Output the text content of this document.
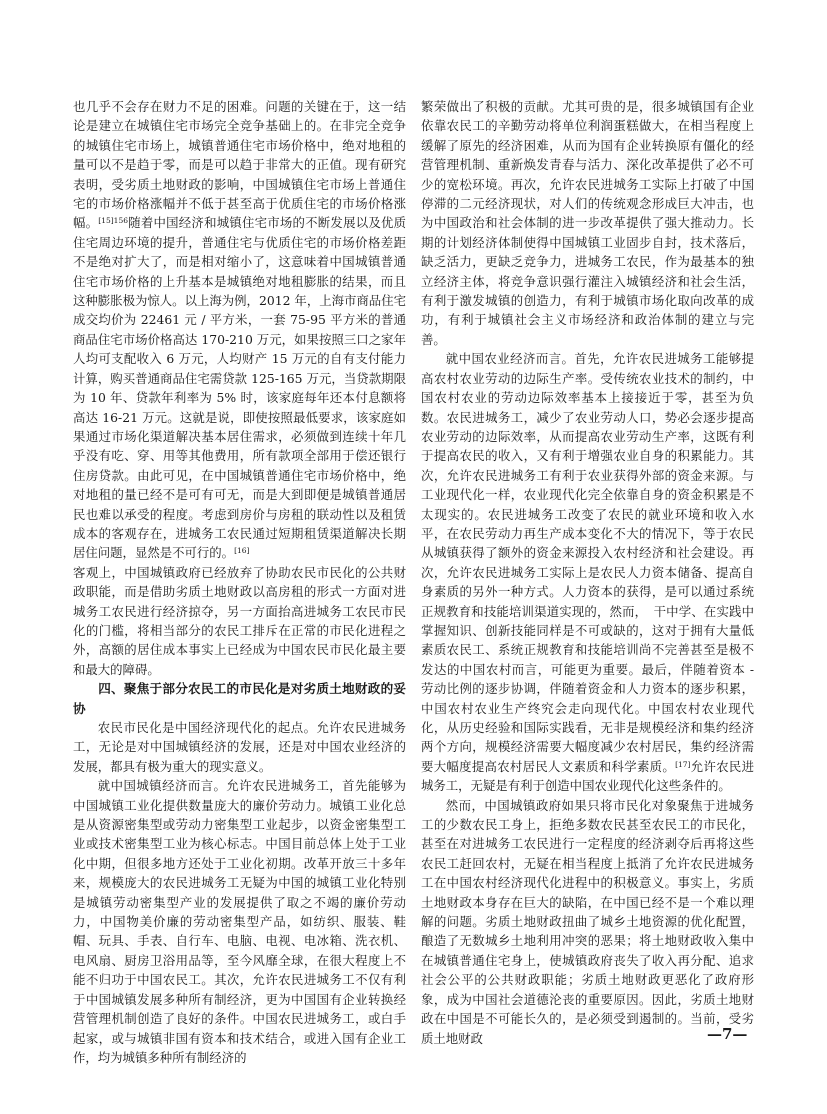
也几乎不会存在财力不足的困难。问题的关键在于，这一结论是建立在城镇住宅市场完全竞争基础上的。在非完全竞争的城镇住宅市场上，城镇普通住宅市场价格中，绝对地租的量可以不是趋于零，而是可以趋于非常大的正值。现有研究表明，受劣质土地财政的影响，中国城镇住宅市场上普通住宅的市场价格涨幅并不低于甚至高于优质住宅的市场价格涨幅。$^{[15]156}$随着中国经济和城镇住宅市场的不断发展以及优质住宅周边环境的提升，普通住宅与优质住宅的市场价格差距不是绝对扩大了，而是相对缩小了，这意味着中国城镇普通住宅市场价格的上升基本是城镇绝对地租膨胀的结果，而且这种膨胀极为惊人。以上海为例，2012 年，上海市商品住宅成交均价为 22461 元 / 平方米，一套 75-95 平方米的普通商品住宅市场价格高达 170-210 万元，如果按照三口之家年人均可支配收入 6 万元，人均财产 15 万元的自有支付能力计算，购买普通商品住宅需贷款 125-165 万元，当贷款期限为 10 年、贷款年利率为 5% 时，该家庭每年还本付息额将高达 16-21 万元。这就是说，即使按照最低要求，该家庭如果通过市场化渠道解决基本居住需求，必须做到连续十年几乎没有吃、穿、用等其他费用，所有款项全部用于偿还银行住房贷款。由此可见，在中国城镇普通住宅市场价格中，绝对地租的量已经不是可有可无，而是大到即便是城镇普通居民也难以承受的程度。考虑到房价与房租的联动性以及租赁成本的客观存在，进城务工农民通过短期租赁渠道解决长期居住问题，显然是不可行的。[16]

客观上，中国城镇政府已经放弃了协助农民市民化的公共财政职能，而是借助劣质土地财政以高房租的形式一方面对进城务工农民进行经济掠夺，另一方面抬高进城务工农民市民化的门槛，将相当部分的农民工排斥在正常的市民化进程之外，高额的居住成本事实上已经成为中国农民市民化最主要和最大的障碍。

四、聚焦于部分农民工的市民化是对劣质土地财政的妥协

农民市民化是中国经济现代化的起点。允许农民进城务工，无论是对中国城镇经济的发展，还是对中国农业经济的发展，都具有极为重大的现实意义。

就中国城镇经济而言。允许农民进城务工，首先能够为中国城镇工业化提供数量庞大的廉价劳动力。城镇工业化总是从资源密集型或劳动力密集型工业起步，以资金密集型工业或技术密集型工业为核心标志。中国目前总体上处于工业化中期，但很多地方还处于工业化初期。改革开放三十多年来，规模庞大的农民进城务工无疑为中国的城镇工业化特别是城镇劳动密集型产业的发展提供了取之不竭的廉价劳动力，中国物美价廉的劳动密集型产品，如纺织、服装、鞋帽、玩具、手表、自行车、电脑、电视、电冰箱、洗衣机、电风扇、厨房卫浴用品等，至今风靡全球，在很大程度上不能不归功于中国农民工。其次，允许农民进城务工不仅有利于中国城镇发展多种所有制经济，更为中国国有企业转换经营管理机制创造了良好的条件。中国农民进城务工，或白手起家，或与城镇非国有资本和技术结合，或进入国有企业工作，均为城镇多种所有制经济的

繁荣做出了积极的贡献。尤其可贵的是，很多城镇国有企业依靠农民工的辛勤劳动将单位利润蛋糕做大，在相当程度上缓解了原先的经济困难，从而为国有企业转换原有僵化的经营管理机制、重新焕发青春与活力、深化改革提供了必不可少的宽松环境。再次，允许农民进城务工实际上打破了中国停滞的二元经济现状，对人们的传统观念形成巨大冲击，也为中国政治和社会体制的进一步改革提供了强大推动力。长期的计划经济体制使得中国城镇工业固步自封，技术落后，缺乏活力，更缺乏竞争力，进城务工农民，作为最基本的独立经济主体，将竞争意识强行灌注入城镇经济和社会生活，有利于激发城镇的创造力，有利于城镇市场化取向改革的成功，有利于城镇社会主义市场经济和政治体制的建立与完善。

就中国农业经济而言。首先，允许农民进城务工能够提高农村农业劳动的边际生产率。受传统农业技术的制约，中国农村农业的劳动边际效率基本上接接近于零，甚至为负数。农民进城务工，减少了农业劳动人口，势必会逐步提高农业劳动的边际效率，从而提高农业劳动生产率，这既有利于提高农民的收入，又有利于增强农业自身的积累能力。其次，允许农民进城务工有利于农业获得外部的资金来源。与工业现代化一样，农业现代化完全依靠自身的资金积累是不太现实的。农民进城务工改变了农民的就业环境和收入水平，在农民劳动力再生产成本变化不大的情况下，等于农民从城镇获得了额外的资金来源投入农村经济和社会建设。再次，允许农民进城务工实际上是农民人力资本储备、提高自身素质的另外一种方式。人力资本的获得，是可以通过系统正规教育和技能培训渠道实现的，然而，　干中学、在实践中掌握知识、创新技能同样是不可或缺的，这对于拥有大量低素质农民工、系统正规教育和技能培训尚不完善甚至是极不发达的中国农村而言，可能更为重要。最后，伴随着资本 - 劳动比例的逐步协调，伴随着资金和人力资本的逐步积累，中国农村农业生产终究会走向现代化。中国农村农业现代化，从历史经验和国际实践看，无非是规模经济和集约经济两个方向，规模经济需要大幅度减少农村居民，集约经济需要大幅度提高农村居民人文素质和科学素质。[17]允许农民进城务工，无疑是有利于创造中国农业现代化这些条件的。

然而，中国城镇政府如果只将市民化对象聚焦于进城务工的少数农民工身上，拒绝多数农民甚至农民工的市民化，甚至在对进城务工农民进行一定程度的经济剥夺后再将这些农民工赶回农村，无疑在相当程度上抵消了允许农民进城务工在中国农村经济现代化进程中的积极意义。事实上，劣质土地财政本身存在巨大的缺陷，在中国已经不是一个难以理解的问题。劣质土地财政扭曲了城乡土地资源的优化配置，酿造了无数城乡土地利用冲突的恶果；将土地财政收入集中在城镇普通住宅身上，使城镇政府丧失了收入再分配、追求社会公平的公共财政职能；劣质土地财政更恶化了政府形象，成为中国社会道德沦丧的重要原因。因此，劣质土地财政在中国是不可能长久的，是必须受到遏制的。当前，受劣质土地财政	—7—
